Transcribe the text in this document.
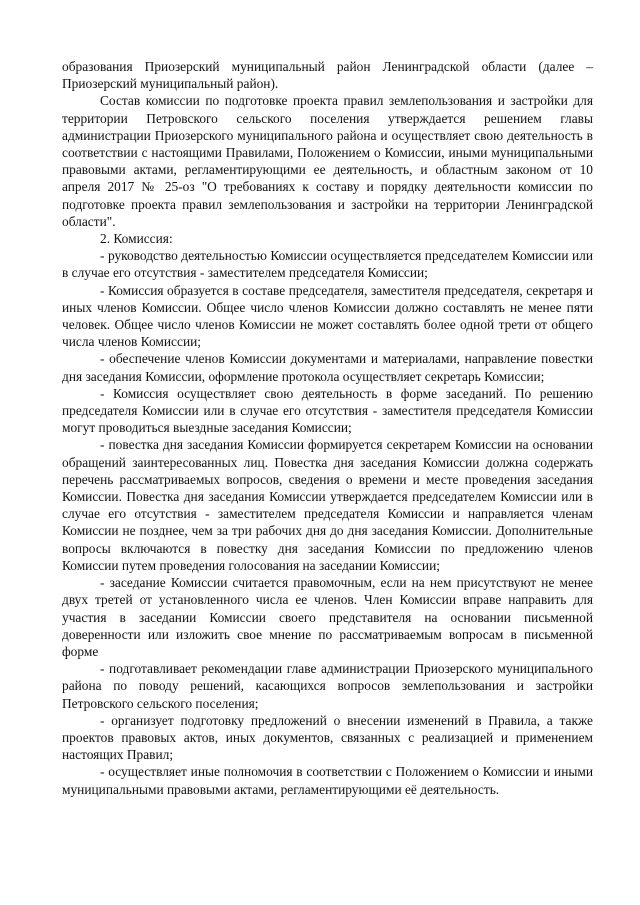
образования Приозерский муниципальный район Ленинградской области (далее – Приозерский муниципальный район).

Состав комиссии по подготовке проекта правил землепользования и застройки для территории Петровского сельского поселения утверждается решением главы администрации Приозерского муниципального района и осуществляет свою деятельность в соответствии с настоящими Правилами, Положением о Комиссии, иными муниципальными правовыми актами, регламентирующими ее деятельность, и областным законом от 10 апреля 2017 № 25-оз "О требованиях к составу и порядку деятельности комиссии по подготовке проекта правил землепользования и застройки на территории Ленинградской области".

2. Комиссия:

- руководство деятельностью Комиссии осуществляется председателем Комиссии или в случае его отсутствия - заместителем председателя Комиссии;

- Комиссия образуется в составе председателя, заместителя председателя, секретаря и иных членов Комиссии. Общее число членов Комиссии должно составлять не менее пяти человек. Общее число членов Комиссии не может составлять более одной трети от общего числа членов Комиссии;

- обеспечение членов Комиссии документами и материалами, направление повестки дня заседания Комиссии, оформление протокола осуществляет секретарь Комиссии;

- Комиссия осуществляет свою деятельность в форме заседаний. По решению председателя Комиссии или в случае его отсутствия - заместителя председателя Комиссии могут проводиться выездные заседания Комиссии;

- повестка дня заседания Комиссии формируется секретарем Комиссии на основании обращений заинтересованных лиц. Повестка дня заседания Комиссии должна содержать перечень рассматриваемых вопросов, сведения о времени и месте проведения заседания Комиссии. Повестка дня заседания Комиссии утверждается председателем Комиссии или в случае его отсутствия - заместителем председателя Комиссии и направляется членам Комиссии не позднее, чем за три рабочих дня до дня заседания Комиссии. Дополнительные вопросы включаются в повестку дня заседания Комиссии по предложению членов Комиссии путем проведения голосования на заседании Комиссии;

- заседание Комиссии считается правомочным, если на нем присутствуют не менее двух третей от установленного числа ее членов. Член Комиссии вправе направить для участия в заседании Комиссии своего представителя на основании письменной доверенности или изложить свое мнение по рассматриваемым вопросам в письменной форме

- подготавливает рекомендации главе администрации Приозерского муниципального района по поводу решений, касающихся вопросов землепользования и застройки Петровского сельского поселения;

- организует подготовку предложений о внесении изменений в Правила, а также проектов правовых актов, иных документов, связанных с реализацией и применением настоящих Правил;

- осуществляет иные полномочия в соответствии с Положением о Комиссии и иными муниципальными правовыми актами, регламентирующими её деятельность.
